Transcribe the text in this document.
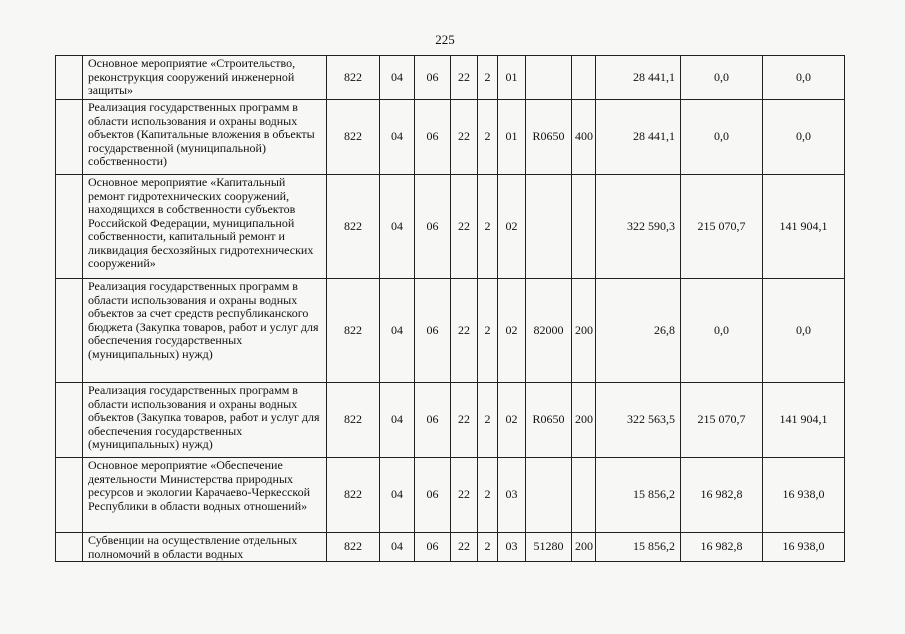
225
	Основное мероприятие «Строительство, реконструкция сооружений инженерной защиты»	822	04	06	22	2	01			28 441,1	0,0	0,0
	Реализация государственных программ в области использования и охраны водных объектов (Капитальные вложения в объекты государственной (муниципальной) собственности)	822	04	06	22	2	01	R0650	400	28 441,1	0,0	0,0
	Основное мероприятие «Капитальный ремонт гидротехнических сооружений, находящихся в собственности субъектов Российской Федерации, муниципальной собственности, капитальный ремонт и ликвидация бесхозяйных гидротехнических сооружений»	822	04	06	22	2	02			322 590,3	215 070,7	141 904,1
	Реализация государственных программ в области использования и охраны водных объектов за счет средств республиканского бюджета (Закупка товаров, работ и услуг для обеспечения государственных (муниципальных) нужд)	822	04	06	22	2	02	82000	200	26,8	0,0	0,0
	Реализация государственных программ в области использования и охраны водных объектов (Закупка товаров, работ и услуг для обеспечения государственных (муниципальных) нужд)	822	04	06	22	2	02	R0650	200	322 563,5	215 070,7	141 904,1
	Основное мероприятие «Обеспечение деятельности Министерства природных ресурсов и экологии Карачаево-Черкесской Республики в области водных отношений»	822	04	06	22	2	03			15 856,2	16 982,8	16 938,0
	Субвенции на осуществление отдельных полномочий в области водных	822	04	06	22	2	03	51280	200	15 856,2	16 982,8	16 938,0
